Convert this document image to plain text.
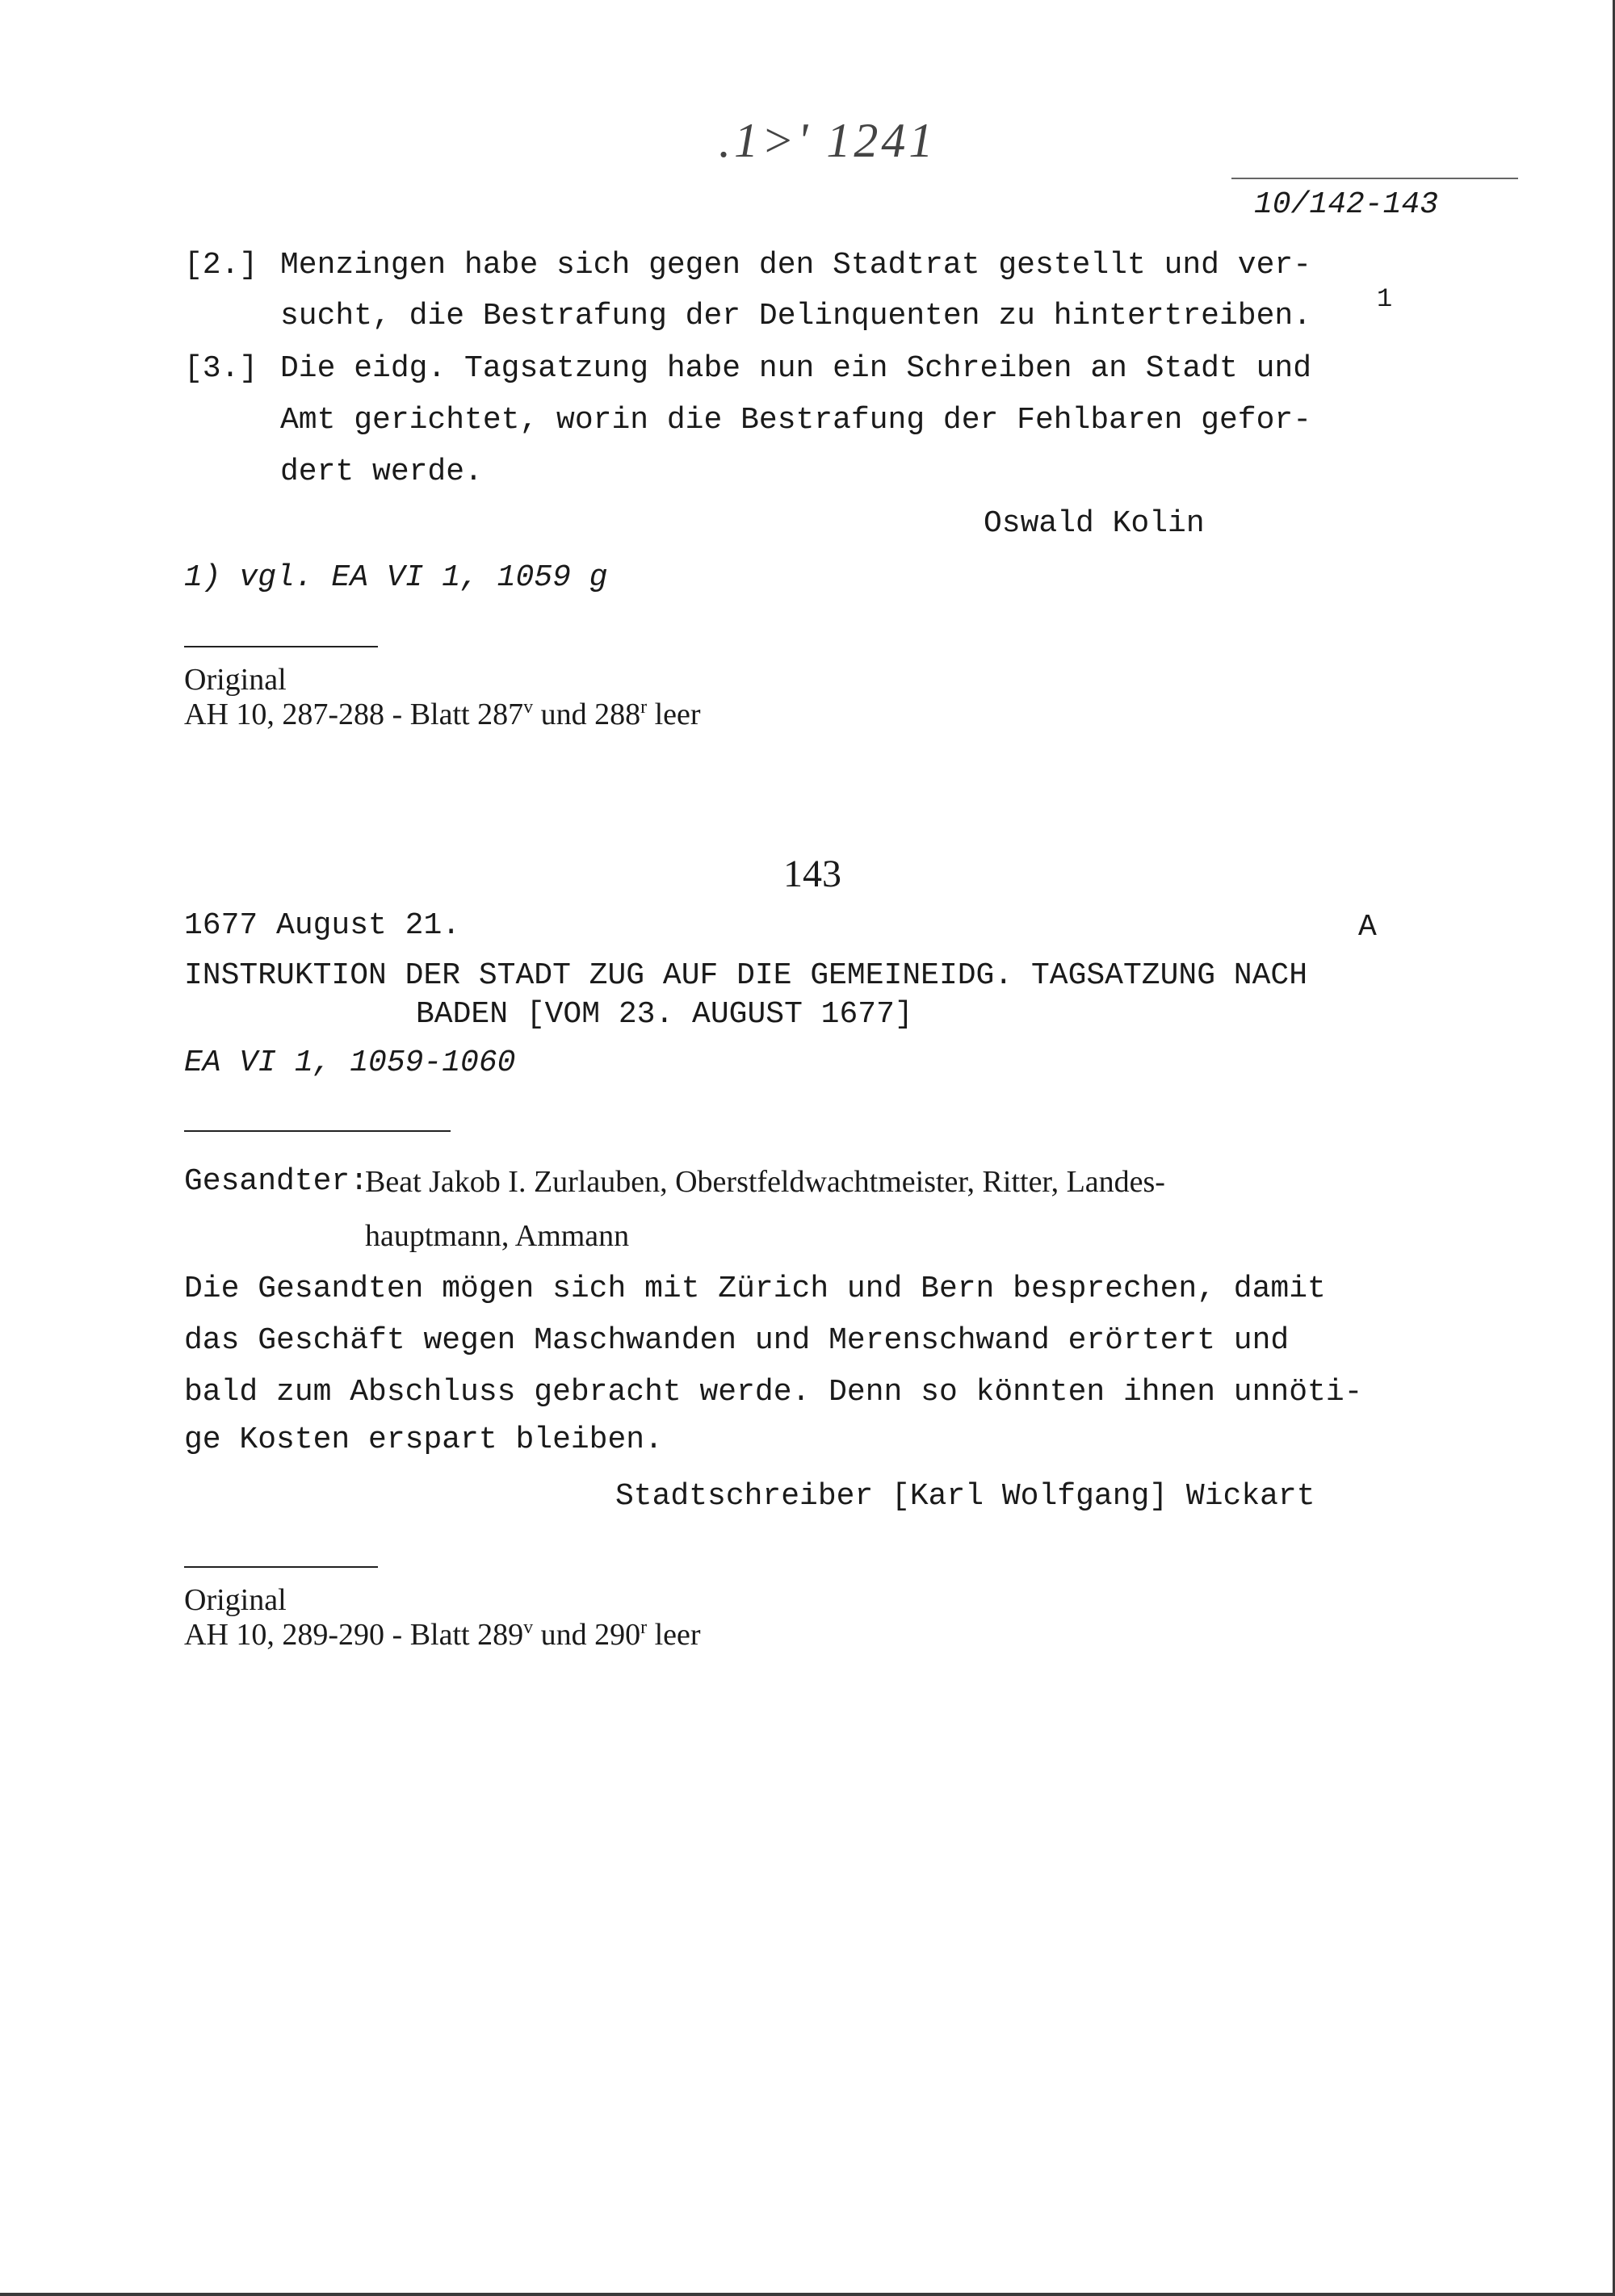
.1>' 1241
10/142-143
[2.] Menzingen habe sich gegen den Stadtrat gestellt und ver-
sucht, die Bestrafung der Delinquenten zu hintertreiben.	1
[3.] Die eidg. Tagsatzung habe nun ein Schreiben an Stadt und
Amt gerichtet, worin die Bestrafung der Fehlbaren gefor-
dert werde.
Oswald Kolin
1) vgl. EA VI 1, 1059 g
Original
AH 10, 287-288 - Blatt 287$^v$ und 288$^r$ leer
143
1677 August 21.	A
INSTRUKTION DER STADT ZUG AUF DIE GEMEINEIDG. TAGSATZUNG NACH
BADEN [VOM 23. AUGUST 1677]
EA VI 1, 1059-1060
Gesandter:
Beat Jakob I. Zurlauben, Oberstfeldwachtmeister, Ritter, Landes-
hauptmann, Ammann
Die Gesandten mögen sich mit Zürich und Bern besprechen, damit
das Geschäft wegen Maschwanden und Merenschwand erörtert und
bald zum Abschluss gebracht werde. Denn so könnten ihnen unnöti-
ge Kosten erspart bleiben.
Stadtschreiber [Karl Wolfgang] Wickart
Original
AH 10, 289-290 - Blatt 289$^v$ und 290$^r$ leer
